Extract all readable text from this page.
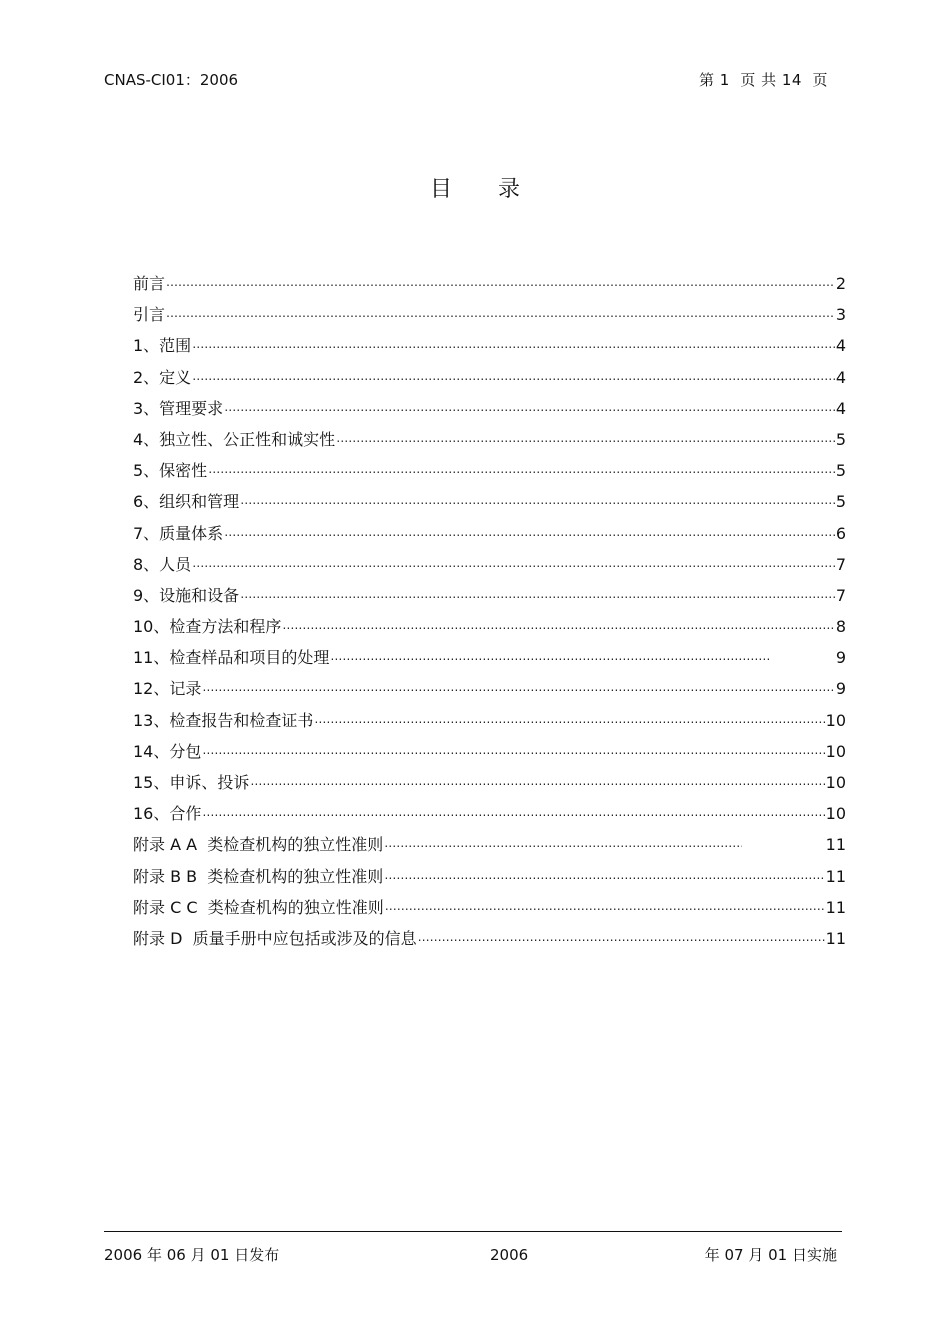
CNAS-CI01：2006	第 1  页 共 14  页
目录
前言 ……………………………………………………………………………………………………………………………………………………………………………………………………………………………………………………	2
引言 ……………………………………………………………………………………………………………………………………………………………………………………………………………………………………………………	3
1、范围 ……………………………………………………………………………………………………………………………………………………………………………………………………………………………………………………	4
2、定义 ……………………………………………………………………………………………………………………………………………………………………………………………………………………………………………………	4
3、管理要求 ……………………………………………………………………………………………………………………………………………………………………………………………………………………………………………………	4
4、独立性、公正性和诚实性 ……………………………………………………………………………………………………………………………………………………………………………………………………………………………………………………	5
5、保密性 ……………………………………………………………………………………………………………………………………………………………………………………………………………………………………………………	5
6、组织和管理 ……………………………………………………………………………………………………………………………………………………………………………………………………………………………………………………	5
7、质量体系 ……………………………………………………………………………………………………………………………………………………………………………………………………………………………………………………	6
8、人员 ……………………………………………………………………………………………………………………………………………………………………………………………………………………………………………………	7
9、设施和设备 ……………………………………………………………………………………………………………………………………………………………………………………………………………………………………………………	7
10、检查方法和程序 ……………………………………………………………………………………………………………………………………………………………………………………………………………………………………………………	8
11、检查样品和项目的处理 ……………………………………………………………………………………………………………………………………………………………………………………………………………………………………………………	9
12、记录 ……………………………………………………………………………………………………………………………………………………………………………………………………………………………………………………	9
13、检查报告和检查证书 ……………………………………………………………………………………………………………………………………………………………………………………………………………………………………………………	10
14、分包 ……………………………………………………………………………………………………………………………………………………………………………………………………………………………………………………	10
15、申诉、投诉 ……………………………………………………………………………………………………………………………………………………………………………………………………………………………………………………	10
16、合作 ……………………………………………………………………………………………………………………………………………………………………………………………………………………………………………………	10
附录 A A  类检查机构的独立性准则 ……………………………………………………………………………………………………………………………………………………………………………………………………………………………………………………	11
附录 B B  类检查机构的独立性准则 ……………………………………………………………………………………………………………………………………………………………………………………………………………………………………………………	11
附录 C C  类检查机构的独立性准则 ……………………………………………………………………………………………………………………………………………………………………………………………………………………………………………………	11
附录 D  质量手册中应包括或涉及的信息 ……………………………………………………………………………………………………………………………………………………………………………………………………………………………………………………	11
2006 年 06 月 01 日发布	2006	年 07 月 01 日实施
